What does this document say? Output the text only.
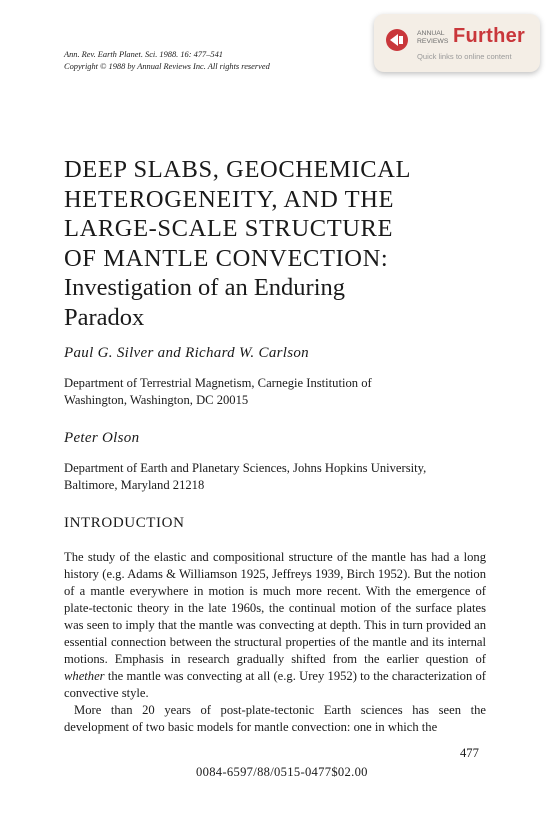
Ann. Rev. Earth Planet. Sci. 1988. 16: 477–541
Copyright © 1988 by Annual Reviews Inc. All rights reserved
ANNUAL
REVIEWS Further
Quick links to online content
DEEP SLABS, GEOCHEMICAL
HETEROGENEITY, AND THE
LARGE-SCALE STRUCTURE
OF MANTLE CONVECTION:
Investigation of an Enduring
Paradox
Paul G. Silver and Richard W. Carlson
Department of Terrestrial Magnetism, Carnegie Institution of
Washington, Washington, DC 20015
Peter Olson
Department of Earth and Planetary Sciences, Johns Hopkins University,
Baltimore, Maryland 21218
INTRODUCTION

The study of the elastic and compositional structure of the mantle has had a long history (e.g. Adams & Williamson 1925, Jeffreys 1939, Birch 1952). But the notion of a mantle everywhere in motion is much more recent. With the emergence of plate-tectonic theory in the late 1960s, the continual motion of the surface plates was seen to imply that the mantle was convecting at depth. This in turn provided an essential connection between the structural properties of the mantle and its internal motions. Emphasis in research gradually shifted from the earlier question of whether the mantle was convecting at all (e.g. Urey 1952) to the characterization of convective style.

More than 20 years of post-plate-tectonic Earth sciences has seen the development of two basic models for mantle convection: one in which the

477
0084-6597/88/0515-0477$02.00
